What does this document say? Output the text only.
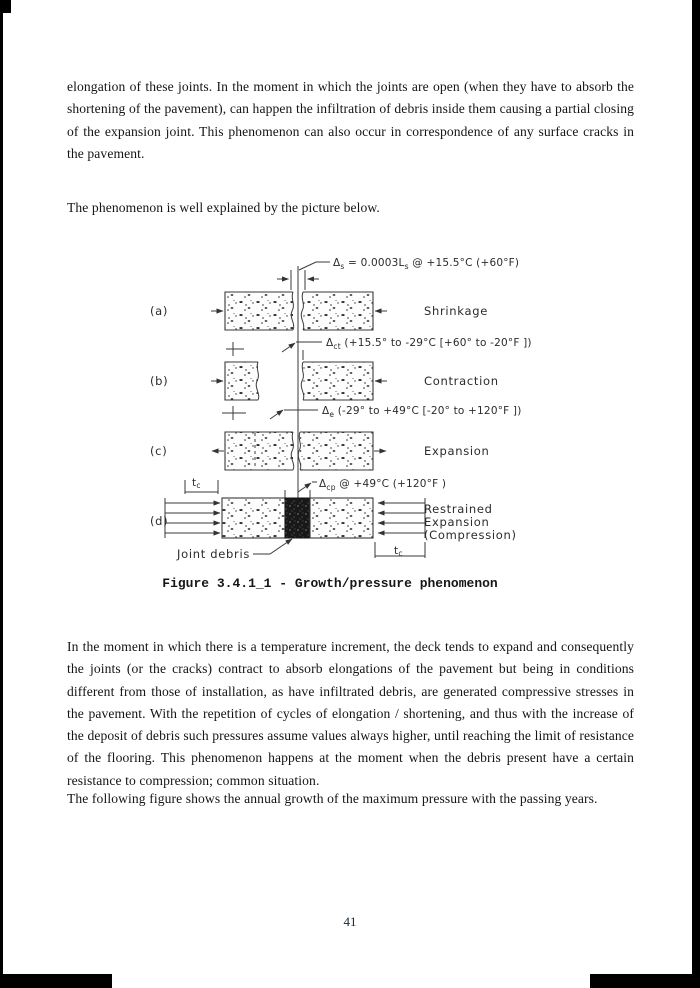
elongation of these joints. In the moment in which the joints are open (when they have to absorb the shortening of the pavement), can happen the infiltration of debris inside them causing a partial closing of the expansion joint. This phenomenon can also occur in correspondence of any surface cracks in the pavement.
The phenomenon is well explained by the picture below.
In the moment in which there is a temperature increment, the deck tends to expand and consequently the joints (or the cracks) contract to absorb elongations of the pavement but being in conditions different from those of installation, as have infiltrated debris, are generated compressive stresses in the pavement. With the repetition of cycles of elongation / shortening, and thus with the increase of the deposit of debris such pressures assume values always higher, until reaching the limit of resistance of the flooring. This phenomenon happens at the moment when the debris present have a certain resistance to compression; common situation.
The following figure shows the annual growth of the maximum pressure with the passing years.
Figure 3.4.1_1 - Growth/pressure phenomenon
41
$\Delta_s = 0.0003L_s$ @ +15.5°C (+60°F)
(a)	Shrinkage
$\Delta_{ct}$ (+15.5° to -29°C [+60° to -20°F ])
(b)	Contraction
$\Delta_e$ (-29° to +49°C [-20° to +120°F ])
(c)	Expansion
tc	$\Delta_{cp}$ @ +49°C (+120°F )
(d)
Restrained
Expansion
(Compression)
tc
Joint debris
